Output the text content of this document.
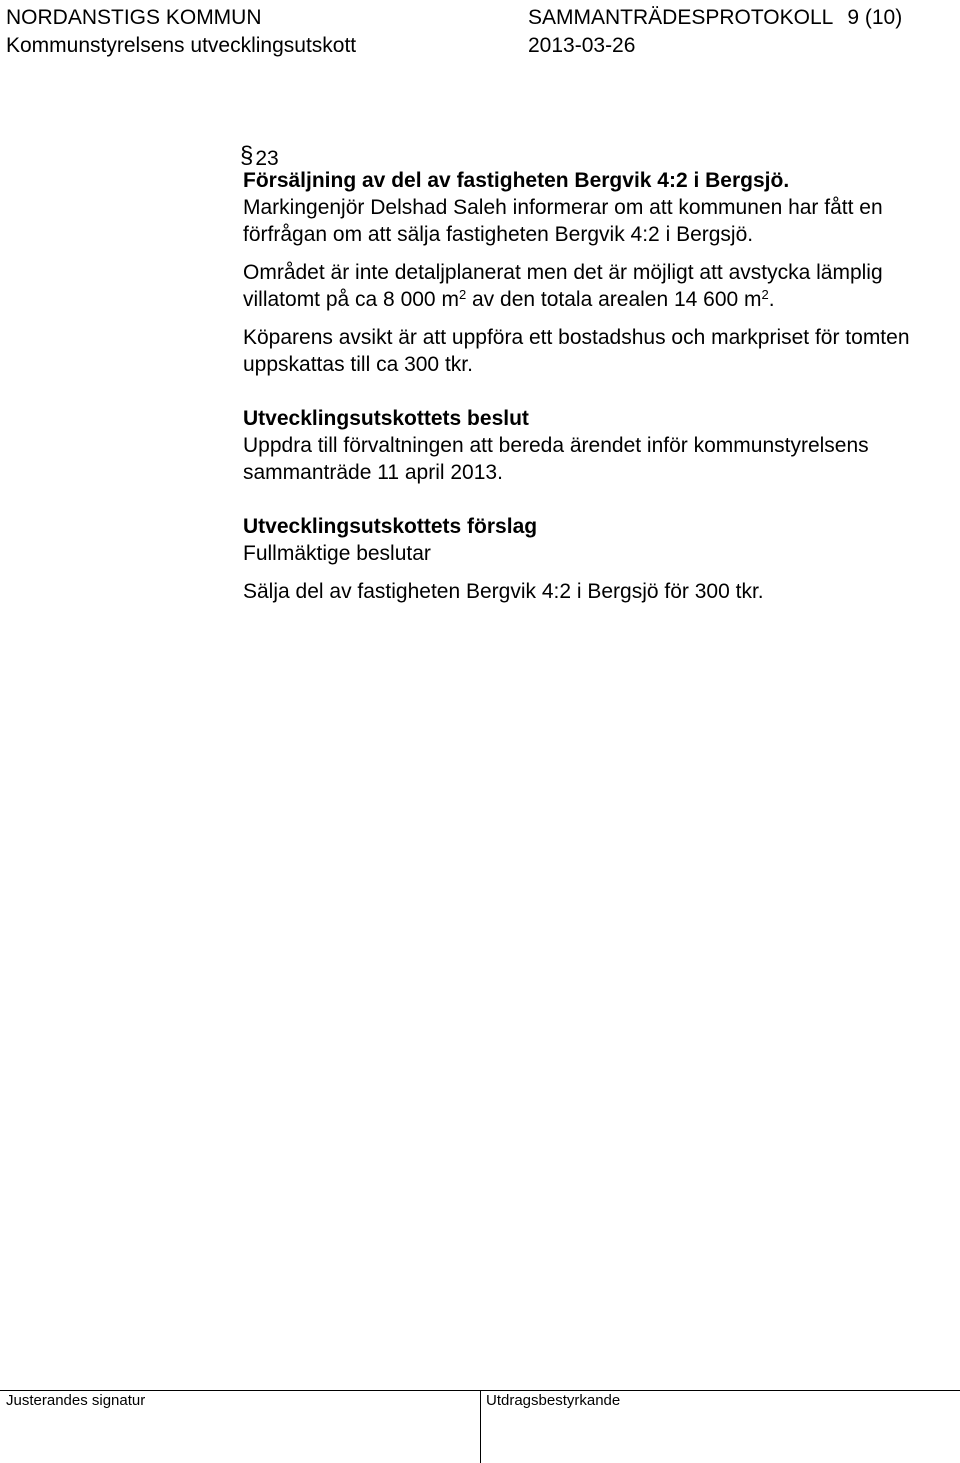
NORDANSTIGS KOMMUN	SAMMANTRÄDESPROTOKOLL 9 (10)
Kommunstyrelsens utvecklingsutskott	2013-03-26
§ 23

Försäljning av del av fastigheten Bergvik 4:2 i Bergsjö.

Markingenjör Delshad Saleh informerar om att kommunen har fått en förfrågan om att sälja fastigheten Bergvik 4:2 i Bergsjö.

Området är inte detaljplanerat men det är möjligt att avstycka lämplig villatomt på ca 8 000 $m^2$ av den totala arealen 14 600 $m^2$.

Köparens avsikt är att uppföra ett bostadshus och markpriset för tomten uppskattas till ca 300 tkr.

Utvecklingsutskottets beslut

Uppdra till förvaltningen att bereda ärendet inför kommunstyrelsens sammanträde 11 april 2013.

Utvecklingsutskottets förslag

Fullmäktige beslutar

Sälja del av fastigheten Bergvik 4:2 i Bergsjö för 300 tkr.

Justerandes signatur	Utdragsbestyrkande
